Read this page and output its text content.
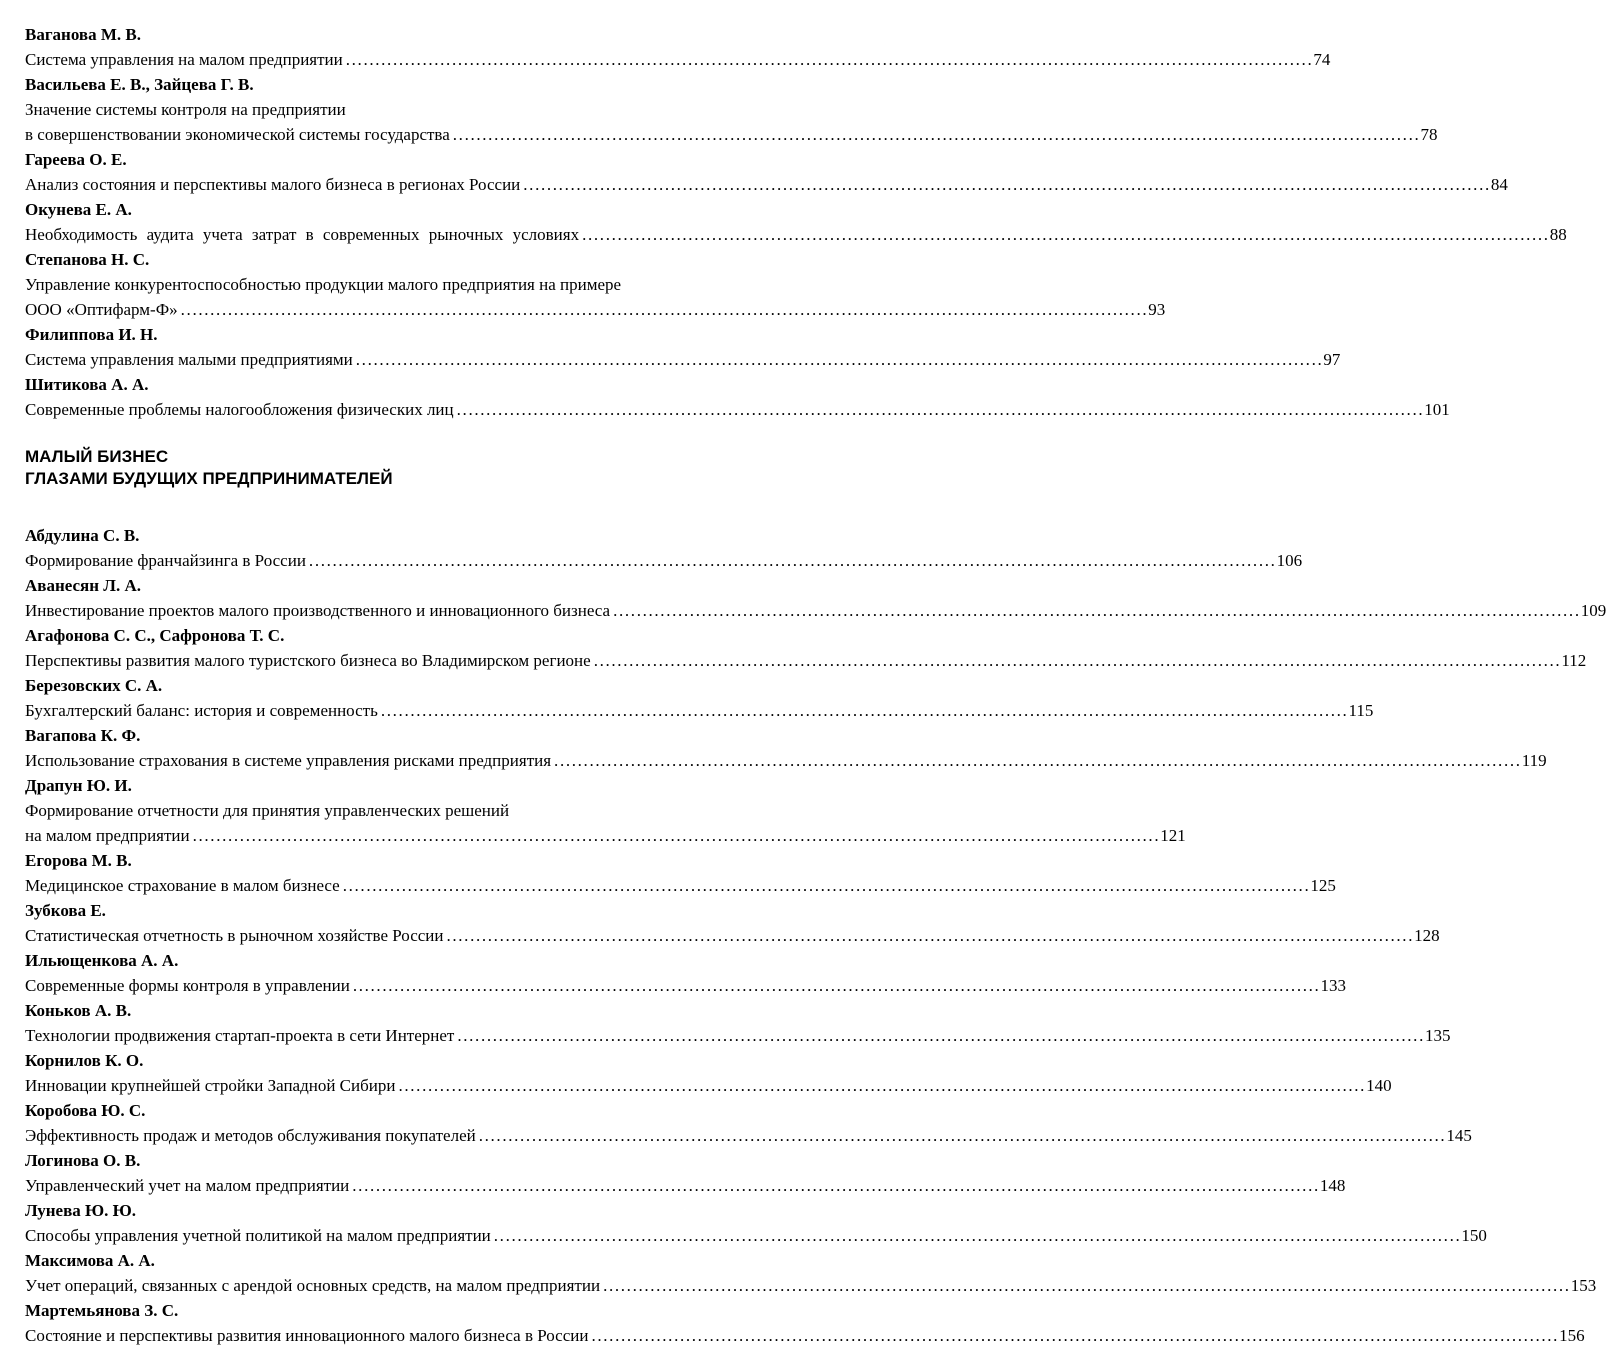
Ваганова М. В.
Система управления на малом предприятии . . .	74
Васильева Е. В., Зайцева Г. В.
Значение системы контроля на предприятии
в совершенствовании экономической системы государства . . .	78
Гареева О. Е.
Анализ состояния и перспективы малого бизнеса в регионах России . . .	84
Окунева Е. А.
Необходимость аудита учета затрат в современных рыночных условиях . . .	88
Степанова Н. С.
Управление конкурентоспособностью продукции малого предприятия на примере
ООО «Оптифарм-Ф» . . .	93
Филиппова И. Н.
Система управления малыми предприятиями . . .	97
Шитикова А. А.
Современные проблемы налогообложения физических лиц . . .	101
МАЛЫЙ БИЗНЕС
ГЛАЗАМИ БУДУЩИХ ПРЕДПРИНИМАТЕЛЕЙ
Абдулина С. В.
Формирование франчайзинга в России . . .	106
Аванесян Л. А.
Инвестирование проектов малого производственного и инновационного бизнеса . . .	109
Агафонова С. С., Сафронова Т. С.
Перспективы развития малого туристского бизнеса во Владимирском регионе . . .	112
Березовских С. А.
Бухгалтерский баланс: история и современность . . .	115
Вагапова К. Ф.
Использование страхования в системе управления рисками предприятия . . .	119
Драпун Ю. И.
Формирование отчетности для принятия управленческих решений
на малом предприятии . . .	121
Егорова М. В.
Медицинское страхование в малом бизнесе . . .	125
Зубкова Е.
Статистическая отчетность в рыночном хозяйстве России . . .	128
Ильющенкова А. А.
Современные формы контроля в управлении . . .	133
Коньков А. В.
Технологии продвижения стартап-проекта в сети Интернет . . .	135
Корнилов К. О.
Инновации крупнейшей стройки Западной Сибири . . .	140
Коробова Ю. С.
Эффективность продаж и методов обслуживания покупателей . . .	145
Логинова О. В.
Управленческий учет на малом предприятии . . .	148
Лунева Ю. Ю.
Способы управления учетной политикой на малом предприятии . . .	150
Максимова А. А.
Учет операций, связанных с арендой основных средств, на малом предприятии . . .	153
Мартемьянова З. С.
Состояние и перспективы развития инновационного малого бизнеса в России . . .	156
